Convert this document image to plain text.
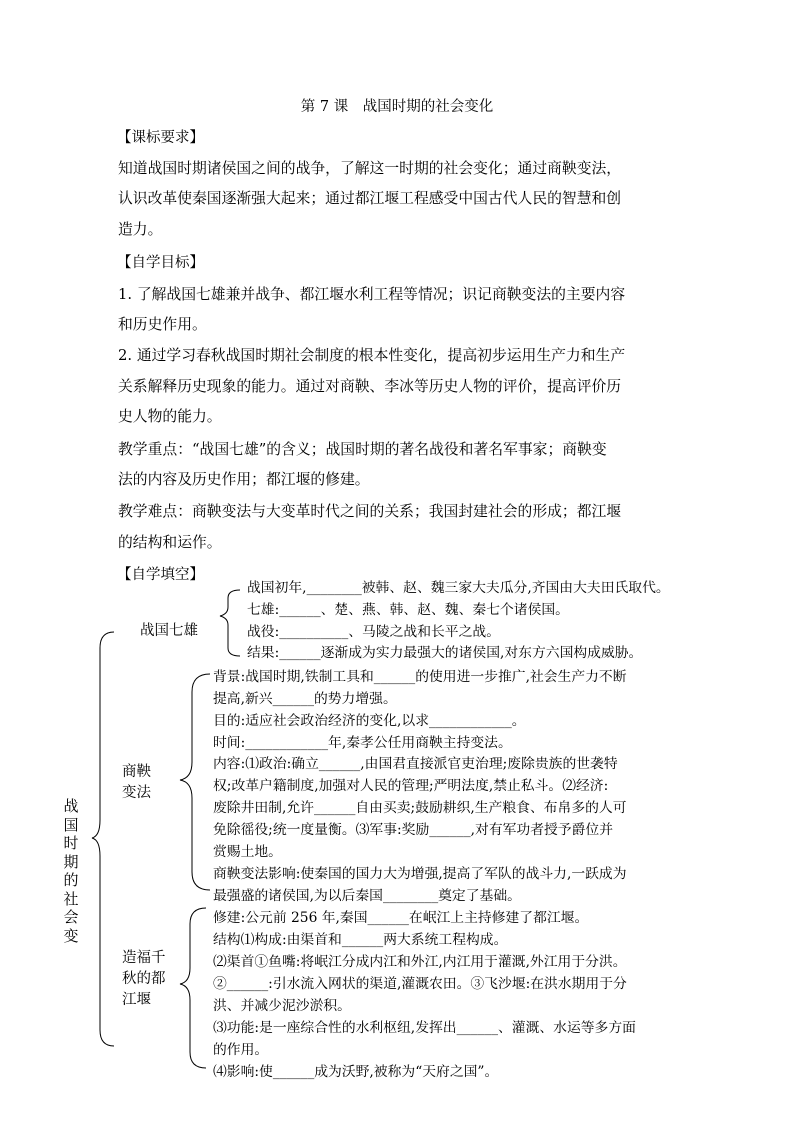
第 7 课　战国时期的社会变化
【课标要求】
知道战国时期诸侯国之间的战争，了解这一时期的社会变化；通过商鞅变法，
认识改革使秦国逐渐强大起来；通过都江堰工程感受中国古代人民的智慧和创
造力。
【自学目标】
1. 了解战国七雄兼并战争、都江堰水利工程等情况；识记商鞅变法的主要内容
和历史作用。
2. 通过学习春秋战国时期社会制度的根本性变化，提高初步运用生产力和生产
关系解释历史现象的能力。通过对商鞅、李冰等历史人物的评价，提高评价历
史人物的能力。
教学重点：“战国七雄”的含义；战国时期的著名战役和著名军事家；商鞅变
法的内容及历史作用；都江堰的修建。
教学难点：商鞅变法与大变革时代之间的关系；我国封建社会的形成；都江堰
的结构和运作。
【自学填空】
战
国
时
期
的
社
会
变
战国七雄
战国初年,________被韩、赵、魏三家大夫瓜分,齐国由大夫田氏取代。
七雄:______、楚、燕、韩、赵、魏、秦七个诸侯国。
战役:__________、马陵之战和长平之战。
结果:______逐渐成为实力最强大的诸侯国,对东方六国构成威胁。
商鞅
变法
背景:战国时期,铁制工具和______的使用进一步推广,社会生产力不断
提高,新兴______的势力增强。
目的:适应社会政治经济的变化,以求____________。
时间:____________年,秦孝公任用商鞅主持变法。
内容:⑴政治:确立______,由国君直接派官吏治理;废除贵族的世袭特
权;改革户籍制度,加强对人民的管理;严明法度,禁止私斗。⑵经济:
废除井田制,允许______自由买卖;鼓励耕织,生产粮食、布帛多的人可
免除徭役;统一度量衡。⑶军事:奖励______,对有军功者授予爵位并
赏赐土地。
商鞅变法影响:使秦国的国力大为增强,提高了军队的战斗力,一跃成为
最强盛的诸侯国,为以后秦国________奠定了基础。
造福千
秋的都
江堰
修建:公元前 256 年,秦国______在岷江上主持修建了都江堰。
结构⑴构成:由渠首和______两大系统工程构成。
⑵渠首①鱼嘴:将岷江分成内江和外江,内江用于灌溉,外江用于分洪。
②______:引水流入网状的渠道,灌溉农田。③飞沙堰:在洪水期用于分
洪、并减少泥沙淤积。
⑶功能:是一座综合性的水利枢纽,发挥出______、灌溉、水运等多方面
的作用。
⑷影响:使______成为沃野,被称为“天府之国”。
